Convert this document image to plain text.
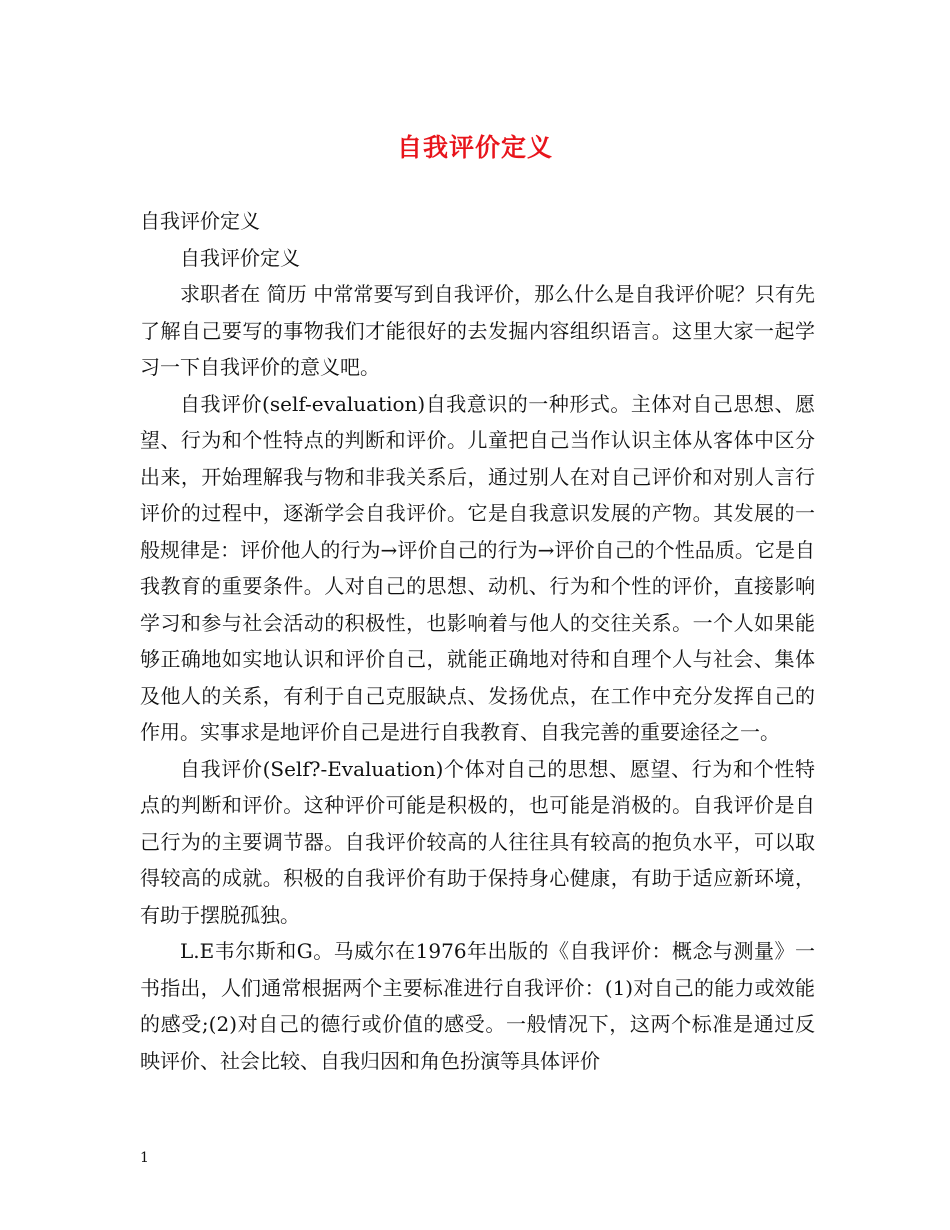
自我评价定义

自我评价定义

自我评价定义

求职者在 简历 中常常要写到自我评价，那么什么是自我评价呢？只有先了解自己要写的事物我们才能很好的去发掘内容组织语言。这里大家一起学习一下自我评价的意义吧。

自我评价(self-evaluation)自我意识的一种形式。主体对自己思想、愿望、行为和个性特点的判断和评价。儿童把自己当作认识主体从客体中区分出来，开始理解我与物和非我关系后，通过别人在对自己评价和对别人言行评价的过程中，逐渐学会自我评价。它是自我意识发展的产物。其发展的一般规律是：评价他人的行为→评价自己的行为→评价自己的个性品质。它是自我教育的重要条件。人对自己的思想、动机、行为和个性的评价，直接影响学习和参与社会活动的积极性，也影响着与他人的交往关系。一个人如果能够正确地如实地认识和评价自己，就能正确地对待和自理个人与社会、集体及他人的关系，有利于自己克服缺点、发扬优点，在工作中充分发挥自己的作用。实事求是地评价自己是进行自我教育、自我完善的重要途径之一。

自我评价(Self?-Evaluation)个体对自己的思想、愿望、行为和个性特点的判断和评价。这种评价可能是积极的，也可能是消极的。自我评价是自己行为的主要调节器。自我评价较高的人往往具有较高的抱负水平，可以取得较高的成就。积极的自我评价有助于保持身心健康，有助于适应新环境，有助于摆脱孤独。

L.E韦尔斯和G。马威尔在1976年出版的《自我评价：概念与测量》一书指出，人们通常根据两个主要标准进行自我评价：(1)对自己的能力或效能的感受;(2)对自己的德行或价值的感受。一般情况下，这两个标准是通过反映评价、社会比较、自我归因和角色扮演等具体评价

1
